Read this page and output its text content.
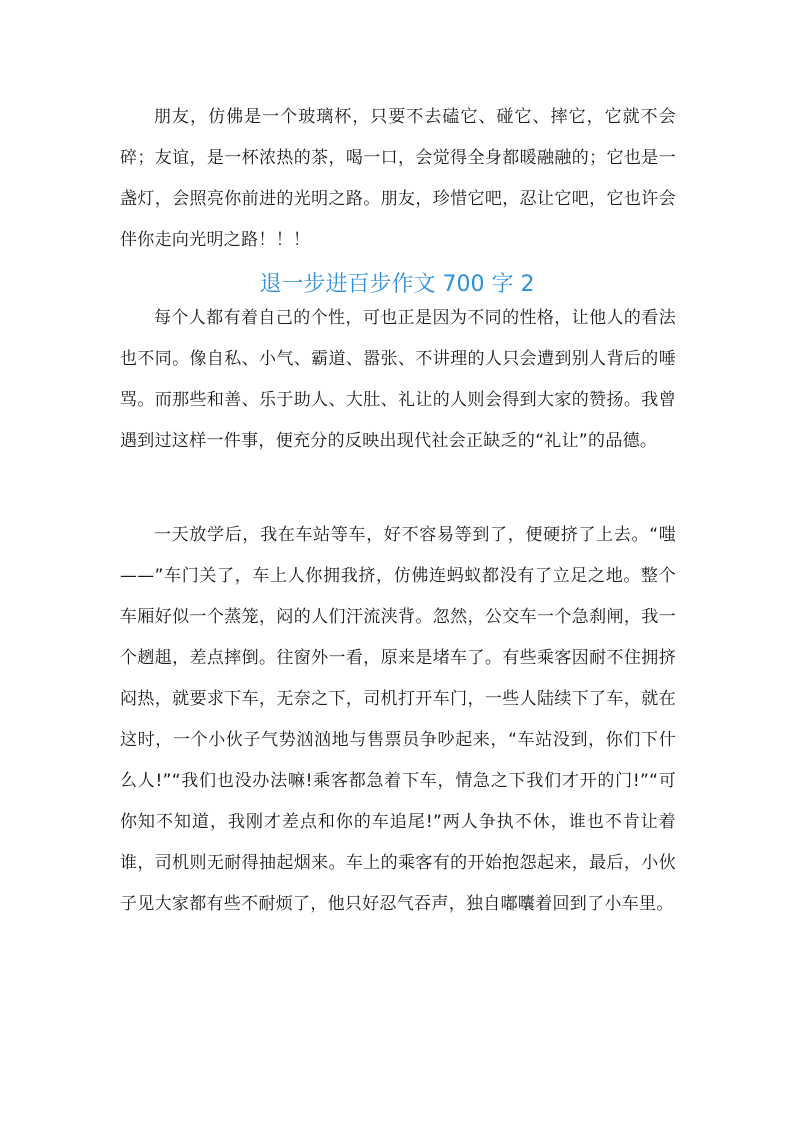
朋友，仿佛是一个玻璃杯，只要不去磕它、碰它、摔它，它就不会碎；友谊，是一杯浓热的茶，喝一口，会觉得全身都暖融融的；它也是一盏灯，会照亮你前进的光明之路。朋友，珍惜它吧，忍让它吧，它也许会伴你走向光明之路！！！

退一步进百步作文 700 字 2

每个人都有着自己的个性，可也正是因为不同的性格，让他人的看法也不同。像自私、小气、霸道、嚣张、不讲理的人只会遭到别人背后的唾骂。而那些和善、乐于助人、大肚、礼让的人则会得到大家的赞扬。我曾遇到过这样一件事，便充分的反映出现代社会正缺乏的“礼让”的品德。

一天放学后，我在车站等车，好不容易等到了，便硬挤了上去。“嗤——”车门关了，车上人你拥我挤，仿佛连蚂蚁都没有了立足之地。整个车厢好似一个蒸笼，闷的人们汗流浃背。忽然，公交车一个急刹闸，我一个趔趄，差点摔倒。往窗外一看，原来是堵车了。有些乘客因耐不住拥挤闷热，就要求下车，无奈之下，司机打开车门，一些人陆续下了车，就在这时，一个小伙子气势汹汹地与售票员争吵起来，“车站没到，你们下什么人!”“我们也没办法嘛!乘客都急着下车，情急之下我们才开的门!”“可你知不知道，我刚才差点和你的车追尾!”两人争执不休，谁也不肯让着谁，司机则无耐得抽起烟来。车上的乘客有的开始抱怨起来，最后，小伙子见大家都有些不耐烦了，他只好忍气吞声，独自嘟囔着回到了小车里。
